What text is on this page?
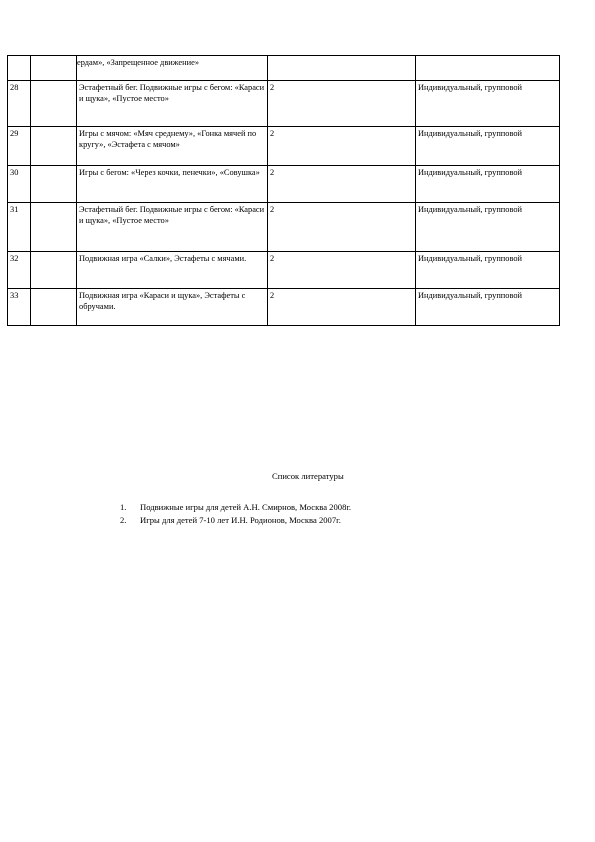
		ердам», «Запрещенное движение»		
28		Эстафетный бег. Подвижные игры с бегом: «Караси и щука», «Пустое место»	2	Индивидуальный, групповой
29		Игры с мячом: «Мяч среднему», «Гонка мячей по кругу», «Эстафета с мячом»	2	Индивидуальный, групповой
30		Игры с бегом: «Через кочки, пенечки», «Совушка»	2	Индивидуальный, групповой
31		Эстафетный бег. Подвижные игры с бегом: «Караси и щука», «Пустое место»	2	Индивидуальный, групповой
32		Подвижная игра «Салки», Эстафеты с мячами.	2	Индивидуальный, групповой
33		Подвижная игра «Караси и щука», Эстафеты с обручами.	2	Индивидуальный, групповой
Список литературы
1. Подвижные игры для детей А.Н. Смирнов, Москва 2008г.
2. Игры для детей 7-10 лет И.Н. Родионов, Москва 2007г.
